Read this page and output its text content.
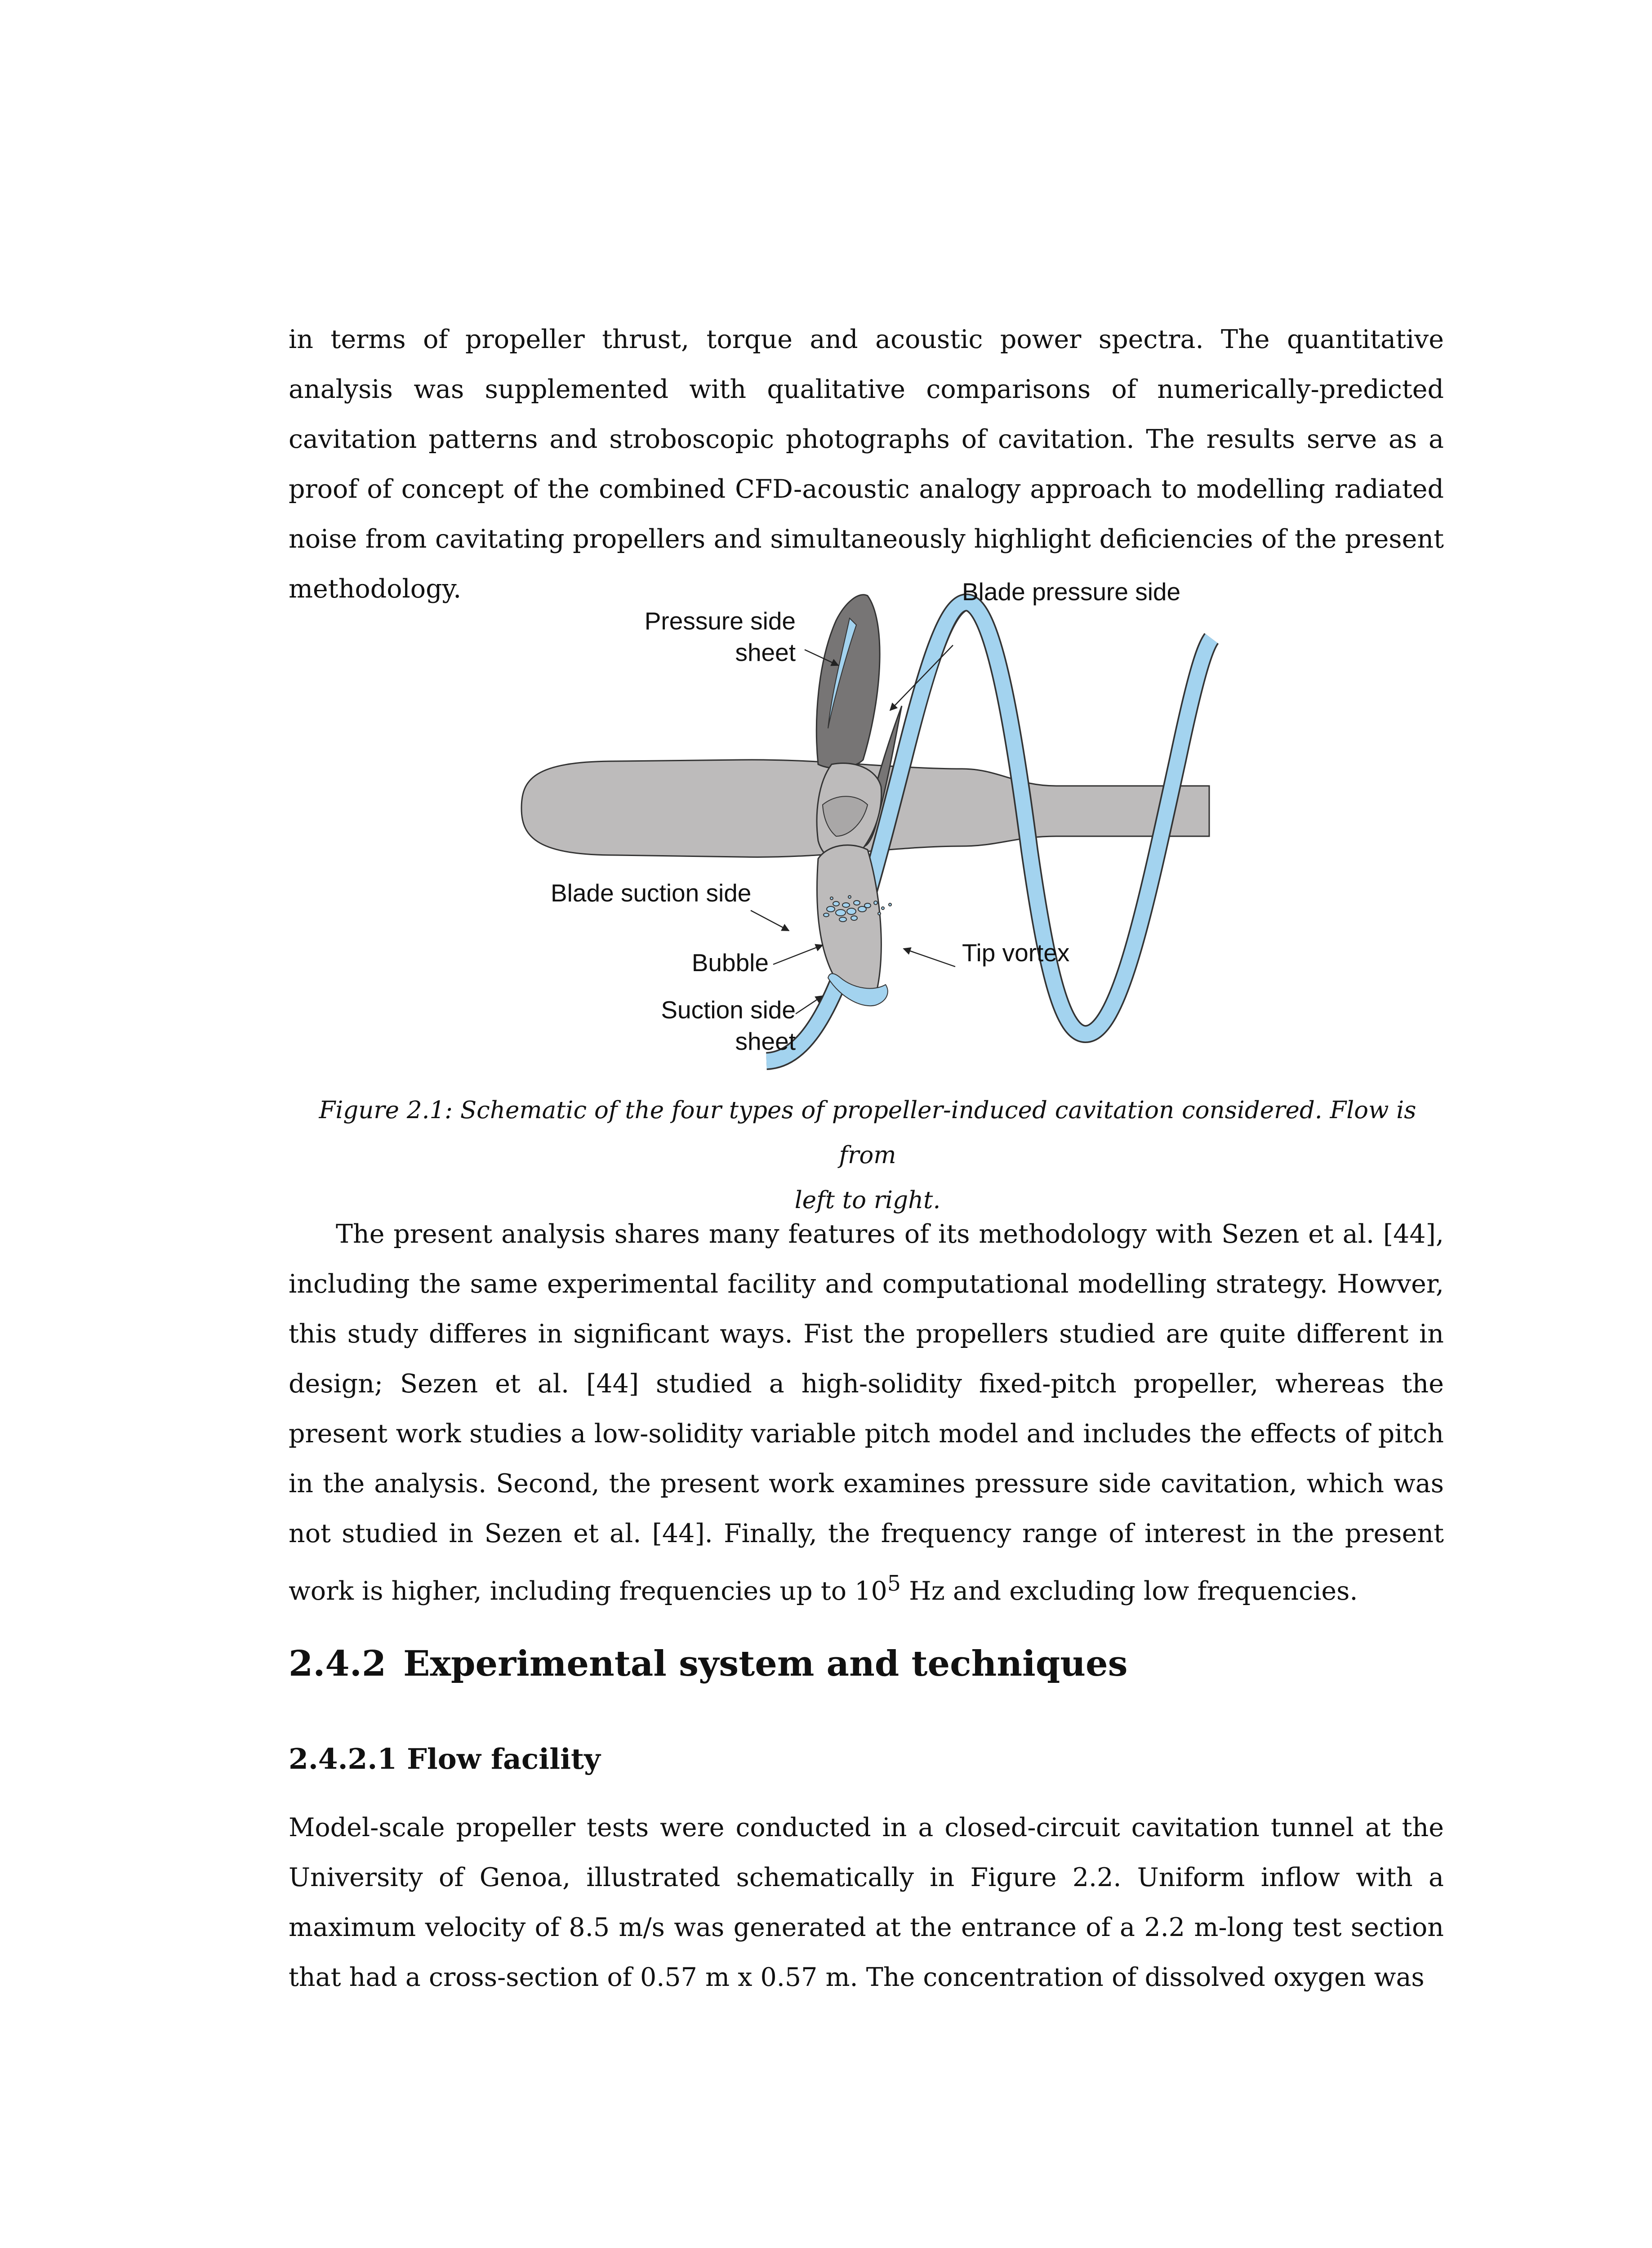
in terms of propeller thrust, torque and acoustic power spectra. The quantitative analysis was supplemented with qualitative comparisons of numerically-predicted cavitation patterns and stroboscopic photographs of cavitation. The results serve as a proof of concept of the combined CFD-acoustic analogy approach to modelling radiated noise from cavitating propellers and simultaneously highlight deficiencies of the present methodology.	Blade pressure side
Pressure side
sheet
Blade suction side
Bubble	Tip vortex
Suction side
sheet

Figure 2.1: Schematic of the four types of propeller-induced cavitation considered. Flow is from
left to right.

The present analysis shares many features of its methodology with Sezen et al. [44], including the same experimental facility and computational modelling strategy. Howver, this study differes in significant ways. Fist the propellers studied are quite different in design; Sezen et al. [44] studied a high-solidity fixed-pitch propeller, whereas the present work studies a low-solidity variable pitch model and includes the effects of pitch in the analysis. Second, the present work examines pressure side cavitation, which was not studied in Sezen et al. [44]. Finally, the frequency range of interest in the present work is higher, including frequencies up to $10^5$ Hz and excluding low frequencies.

2.4.2 Experimental system and techniques
2.4.2.1 Flow facility

Model-scale propeller tests were conducted in a closed-circuit cavitation tunnel at the University of Genoa, illustrated schematically in Figure 2.2. Uniform inflow with a maximum velocity of 8.5 m/s was generated at the entrance of a 2.2 m-long test section that had a cross-section of 0.57 m x 0.57 m. The concentration of dissolved oxygen was
